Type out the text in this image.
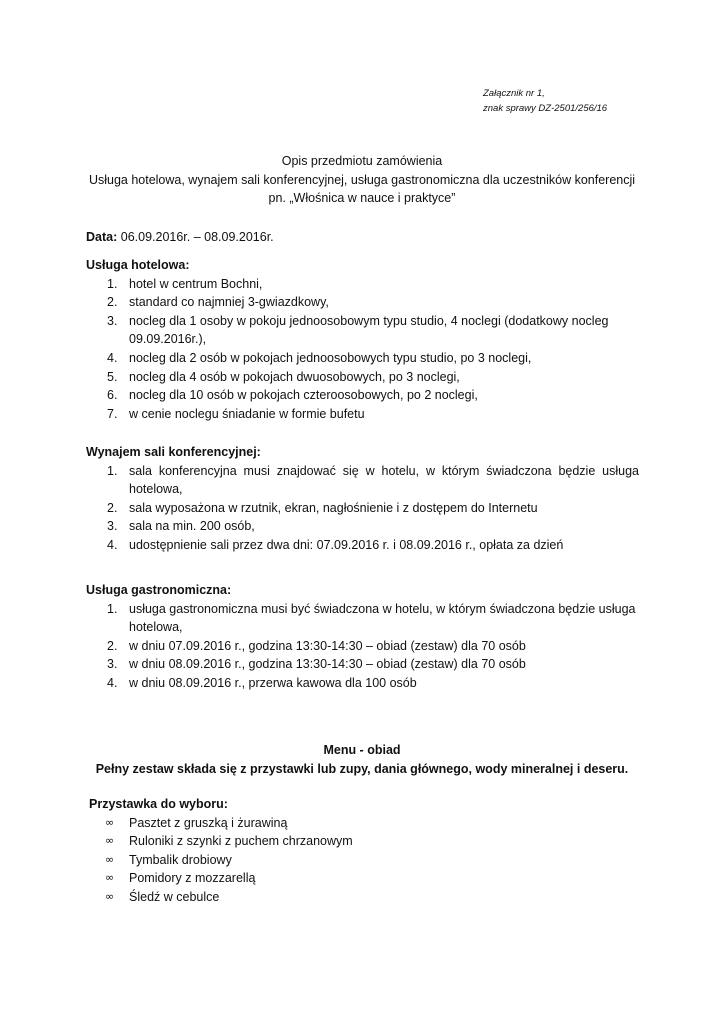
Załącznik nr 1,
znak sprawy DZ-2501/256/16
Opis przedmiotu zamówienia
Usługa hotelowa, wynajem sali konferencyjnej, usługa gastronomiczna dla uczestników konferencji
pn. „Włośnica w nauce i praktyce”
Data: 06.09.2016r. – 08.09.2016r.
Usługa hotelowa:
1. hotel w centrum Bochni,
2. standard co najmniej 3-gwiazdkowy,
3. nocleg dla 1 osoby w pokoju jednoosobowym typu studio, 4 noclegi (dodatkowy nocleg 09.09.2016r.),
4. nocleg dla 2 osób w pokojach jednoosobowych typu studio, po 3 noclegi,
5. nocleg dla 4 osób w pokojach dwuosobowych, po 3 noclegi,
6. nocleg dla 10 osób w pokojach czteroosobowych, po 2 noclegi,
7. w cenie noclegu śniadanie w formie bufetu
Wynajem sali konferencyjnej:
1. sala konferencyjna musi znajdować się w hotelu, w którym świadczona będzie usługa hotelowa,
2. sala wyposażona w rzutnik, ekran, nagłośnienie i z dostępem do Internetu
3. sala na min. 200 osób,
4. udostępnienie sali przez dwa dni: 07.09.2016 r. i 08.09.2016 r., opłata za dzień
Usługa gastronomiczna:
1. usługa gastronomiczna musi być świadczona w hotelu, w którym świadczona będzie usługa hotelowa,
2. w dniu 07.09.2016 r., godzina 13:30-14:30 – obiad (zestaw) dla 70 osób
3. w dniu 08.09.2016 r., godzina 13:30-14:30 – obiad (zestaw) dla 70 osób
4. w dniu 08.09.2016 r., przerwa kawowa dla 100 osób
Menu - obiad
Pełny zestaw składa się z przystawki lub zupy, dania głównego, wody mineralnej i deseru.
Przystawka do wyboru:
∞ Pasztet z gruszką i żurawiną
∞ Ruloniki z szynki z puchem chrzanowym
∞ Tymbalik drobiowy
∞ Pomidory z mozzarellą
∞ Śledź w cebulce
